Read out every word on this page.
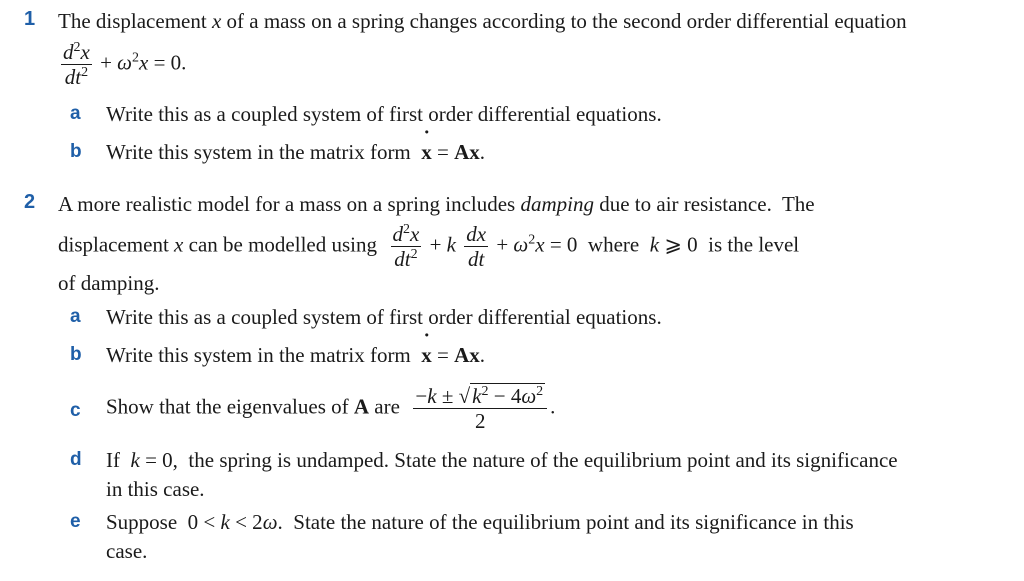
1 The displacement x of a mass on a spring changes according to the second order differential equation
$\frac{d^2x}{dt^2} + \omega^2x = 0$.
a Write this as a coupled system of first order differential equations.
b Write this system in the matrix form  ˙ x = Ax.
2 A more realistic model for a mass on a spring includes damping due to air resistance.  The
displacement x can be modelled using $\frac{d^2x}{dt^2} + k \frac{dx}{dt} + \omega^2x = 0$  where  k ⩾ 0  is the level
of damping.
a Write this as a coupled system of first order differential equations.
b Write this system in the matrix form  ˙ x = Ax.
c Show that the eigenvalues of A are $\frac{-k \pm √k^2 - 4\omega^2}{2}$ .
d If  k = 0,  the spring is undamped. State the nature of the equilibrium point and its significance
in this case.
e Suppose  0 < k < 2ω.  State the nature of the equilibrium point and its significance in this
case.
